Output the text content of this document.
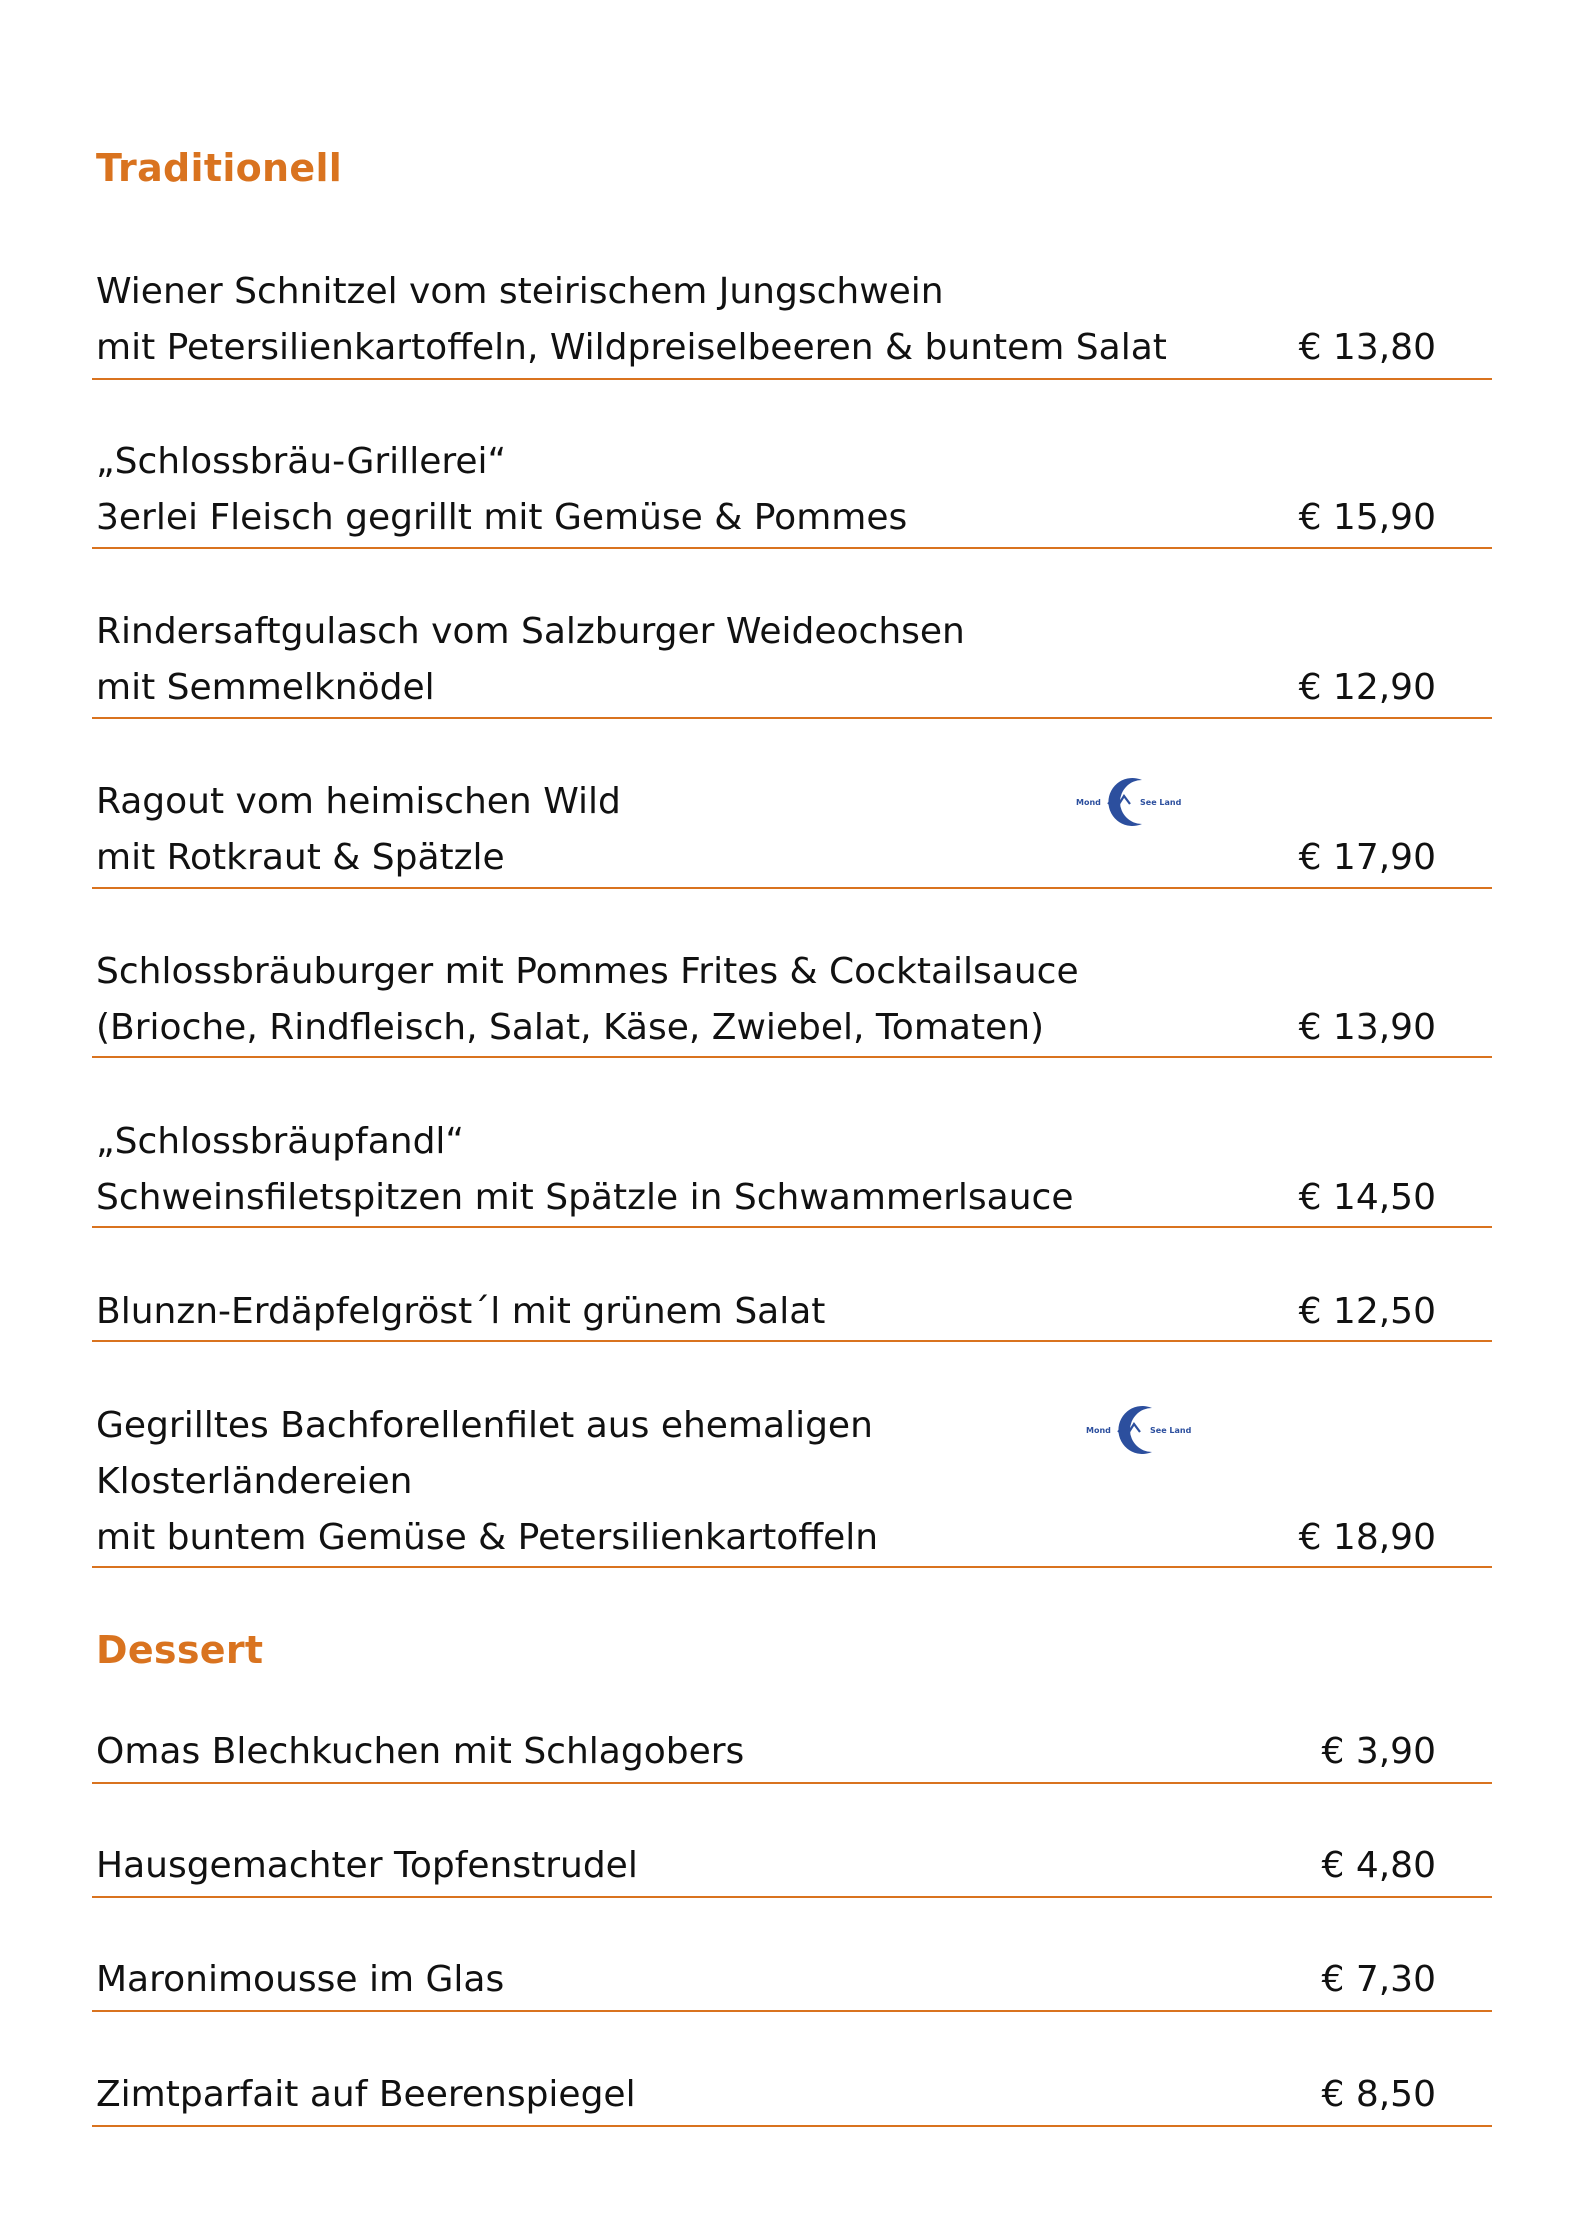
Traditionell
Wiener Schnitzel vom steirischem Jungschwein
mit Petersilienkartoffeln, Wildpreiselbeeren & buntem Salat	€ 13,80
„Schlossbräu-Grillerei“
3erlei Fleisch gegrillt mit Gemüse & Pommes	€ 15,90
Rindersaftgulasch vom Salzburger Weideochsen
mit Semmelknödel	€ 12,90
Ragout vom heimischen Wild
mit Rotkraut & Spätzle	€ 17,90
Mond	See Land
Schlossbräuburger mit Pommes Frites & Cocktailsauce
(Brioche, Rindfleisch, Salat, Käse, Zwiebel, Tomaten)	€ 13,90
„Schlossbräupfandl“
Schweinsfiletspitzen mit Spätzle in Schwammerlsauce	€ 14,50
Blunzn-Erdäpfelgröst´l mit grünem Salat	€ 12,50
Gegrilltes Bachforellenfilet aus ehemaligen
Klosterländereien
mit buntem Gemüse & Petersilienkartoffeln	€ 18,90
Mond	See Land
Dessert
Omas Blechkuchen mit Schlagobers	€ 3,90
Hausgemachter Topfenstrudel	€ 4,80
Maronimousse im Glas	€ 7,30
Zimtparfait auf Beerenspiegel	€ 8,50
